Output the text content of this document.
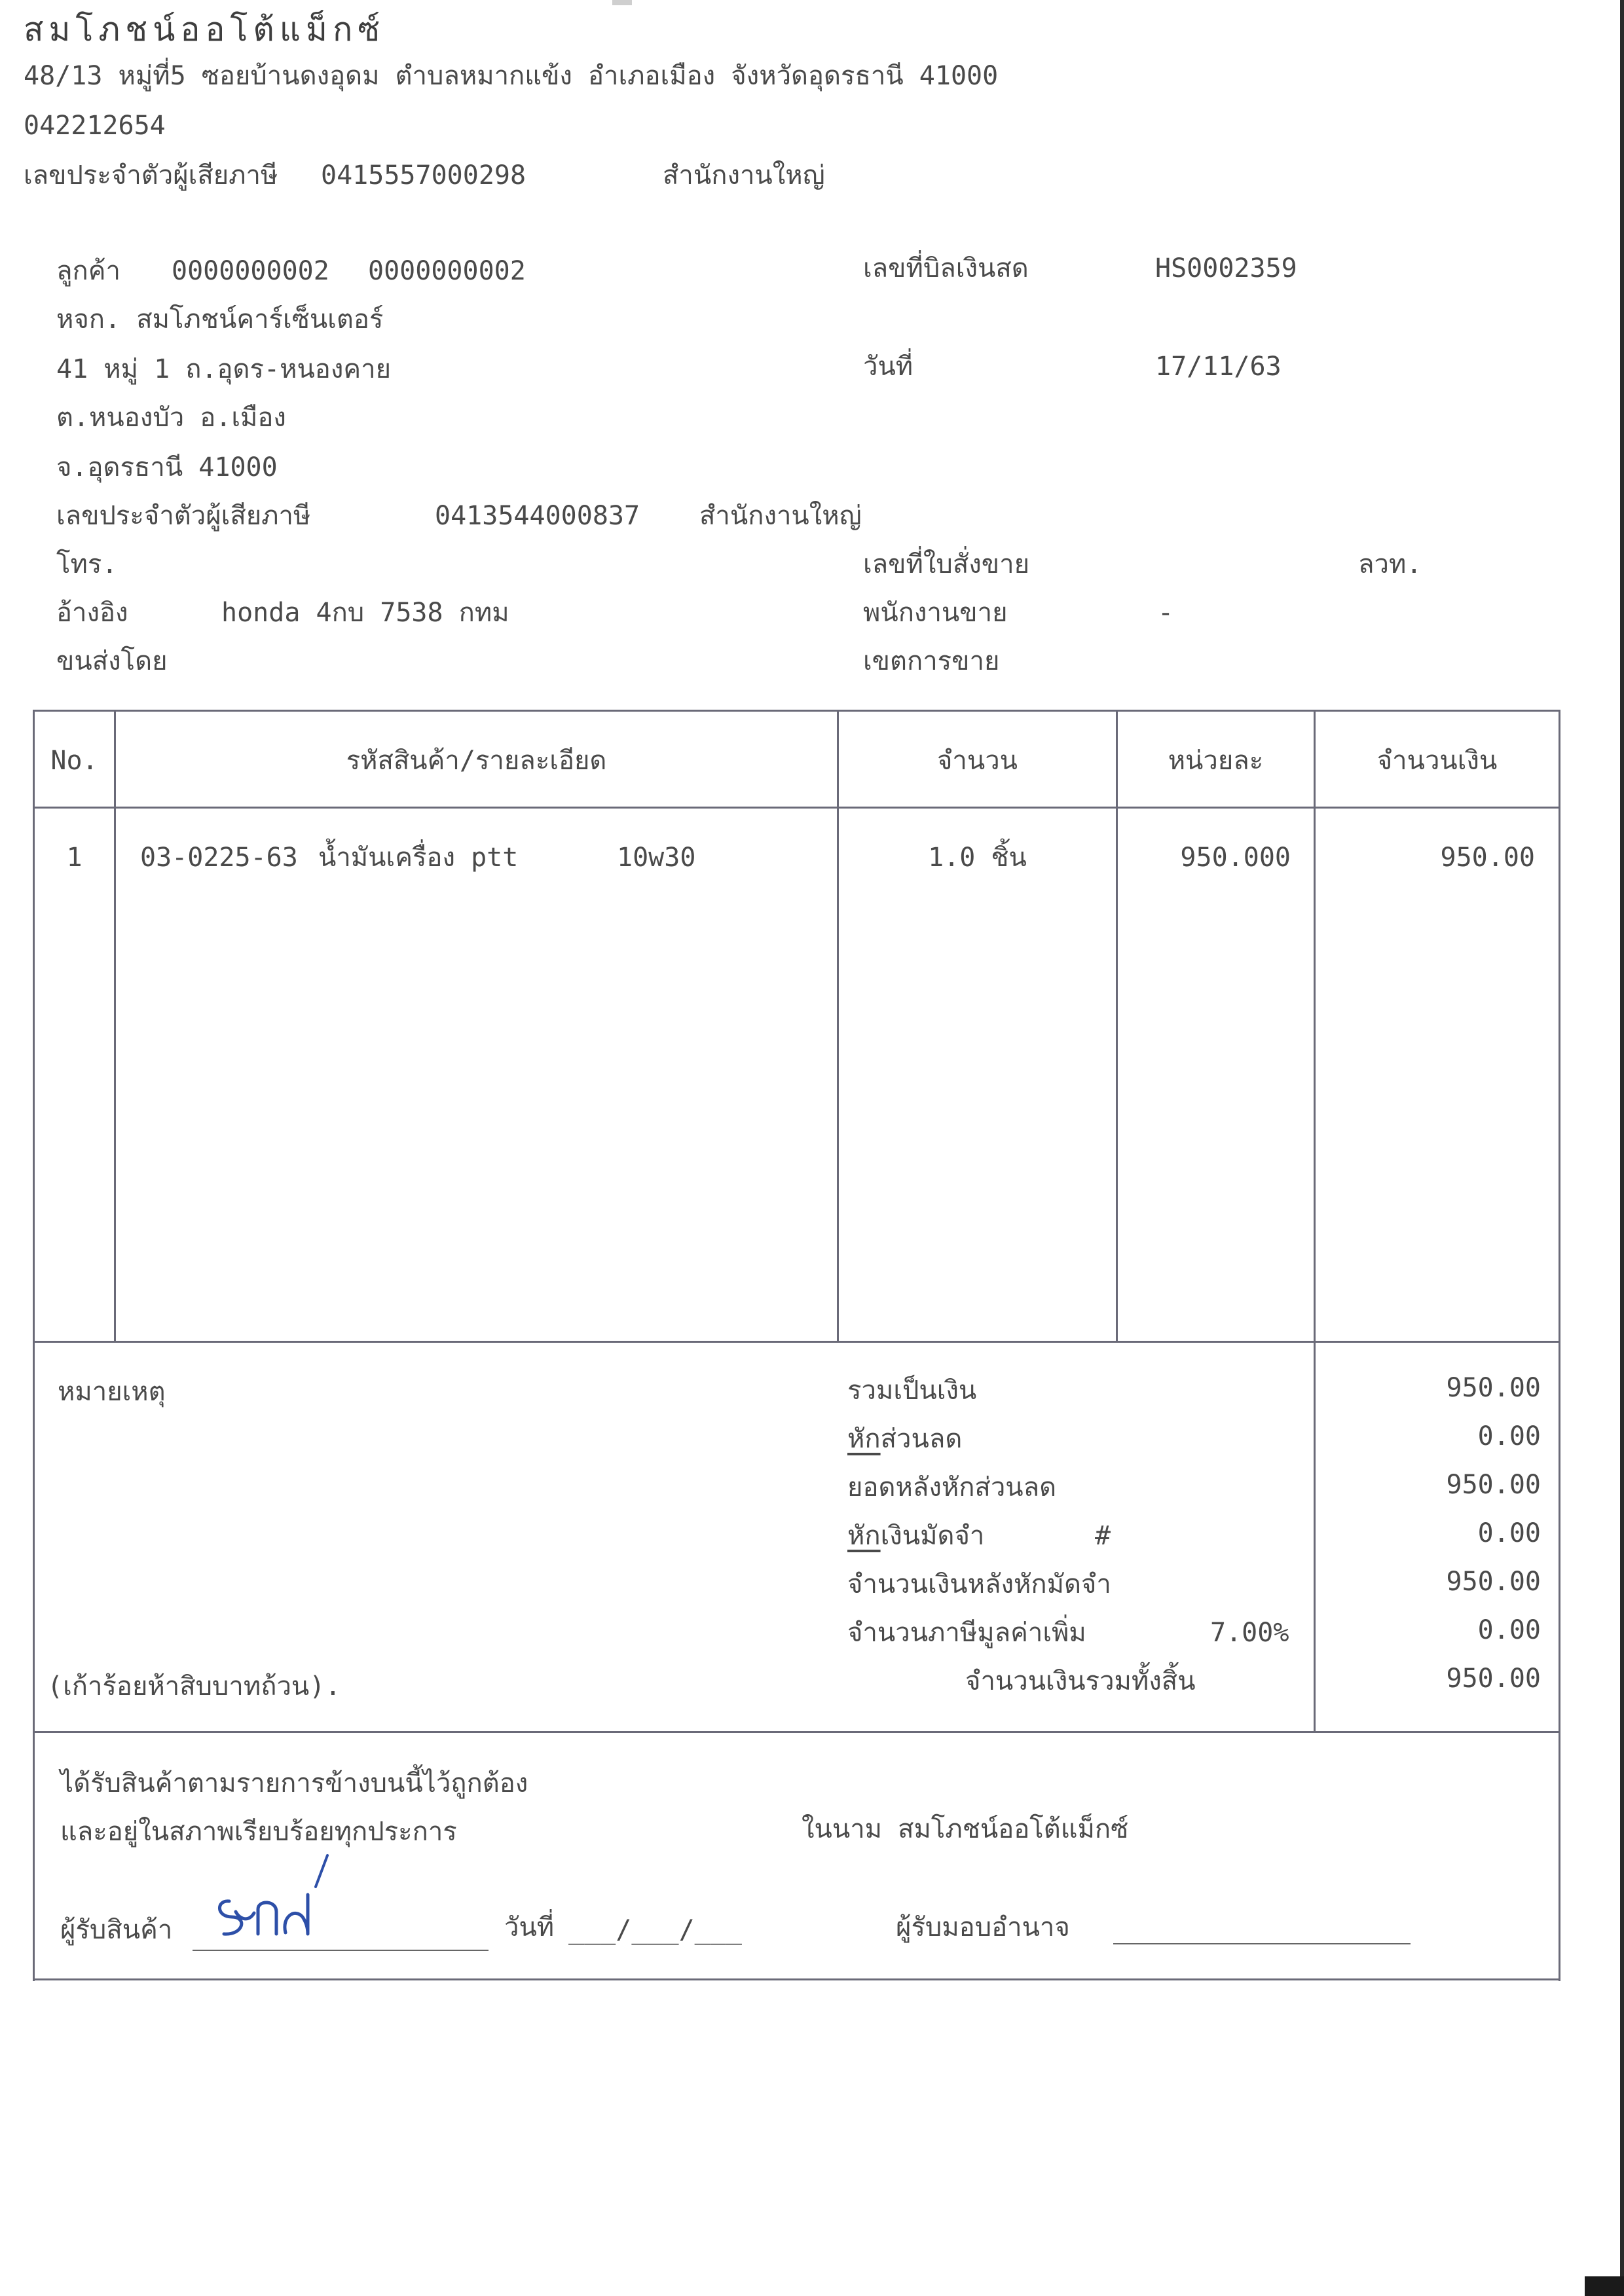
สมโภชน์ออโต้แม็กซ์
48/13 หมู่ที่5 ซอยบ้านดงอุดม ตำบลหมากแข้ง อำเภอเมือง จังหวัดอุดรธานี 41000
042212654
เลขประจำตัวผู้เสียภาษี 0415557000298	สำนักงานใหญ่
ลูกค้า 0000000002 0000000002
หจก. สมโภชน์คาร์เซ็นเตอร์
41 หมู่ 1 ถ.อุดร-หนองคาย
ต.หนองบัว อ.เมือง
จ.อุดรธานี 41000
เลขประจำตัวผู้เสียภาษี	0413544000837 สำนักงานใหญ่
โทร.
อ้างอิง	honda 4กบ 7538 กทม
ขนส่งโดย
เลขที่บิลเงินสด	HS0002359
วันที่	17/11/63
เลขที่ใบสั่งขาย	ลวท.
พนักงานขาย	-
เขตการขาย
No.	รหัสสินค้า/รายละเอียด	จำนวน	หน่วยละ	จำนวนเงิน
1	03-0225-63 น้ำมันเครื่อง ptt	10w30	1.0 ชิ้น	950.000	950.00
หมายเหตุ
(เก้าร้อยห้าสิบบาทถ้วน).
รวมเป็นเงิน	950.00
หักส่วนลด	0.00
ยอดหลังหักส่วนลด	950.00
หักเงินมัดจำ	#	0.00
จำนวนเงินหลังหักมัดจำ	950.00
จำนวนภาษีมูลค่าเพิ่ม	7.00%	0.00
จำนวนเงินรวมทั้งสิ้น	950.00
ได้รับสินค้าตามรายการข้างบนนี้ไว้ถูกต้อง
และอยู่ในสภาพเรียบร้อยทุกประการ	ในนาม สมโภชน์ออโต้แม็กซ์
ผู้รับสินค้า	วันที่ ___/___/___	ผู้รับมอบอำนาจ
